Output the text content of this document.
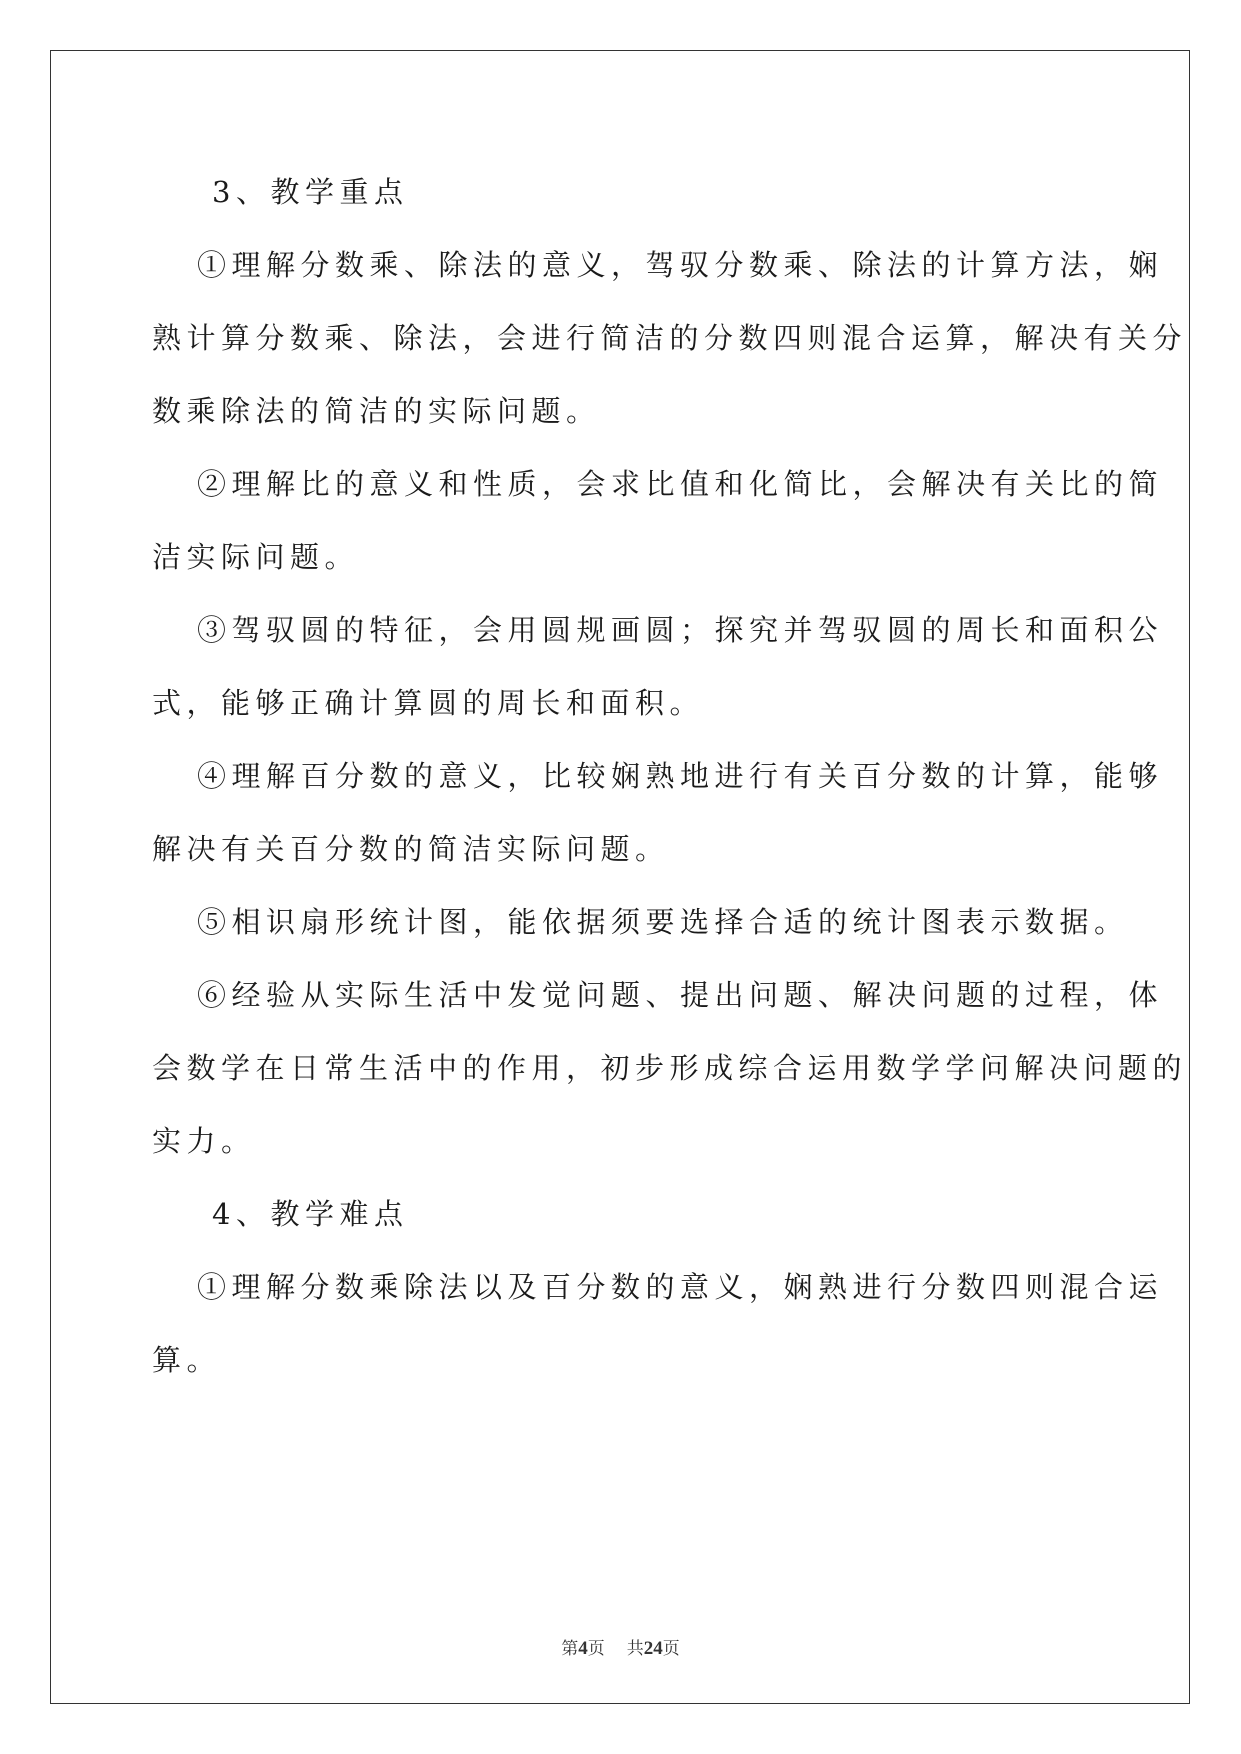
3、教学重点
①理解分数乘、除法的意义，驾驭分数乘、除法的计算方法，娴
熟计算分数乘、除法，会进行简洁的分数四则混合运算，解决有关分
数乘除法的简洁的实际问题。
②理解比的意义和性质，会求比值和化简比，会解决有关比的简
洁实际问题。
③驾驭圆的特征，会用圆规画圆；探究并驾驭圆的周长和面积公
式，能够正确计算圆的周长和面积。
④理解百分数的意义，比较娴熟地进行有关百分数的计算，能够
解决有关百分数的简洁实际问题。
⑤相识扇形统计图，能依据须要选择合适的统计图表示数据。
⑥经验从实际生活中发觉问题、提出问题、解决问题的过程，体
会数学在日常生活中的作用，初步形成综合运用数学学问解决问题的
实力。
4、教学难点
①理解分数乘除法以及百分数的意义，娴熟进行分数四则混合运
算。
第4页 共24页
